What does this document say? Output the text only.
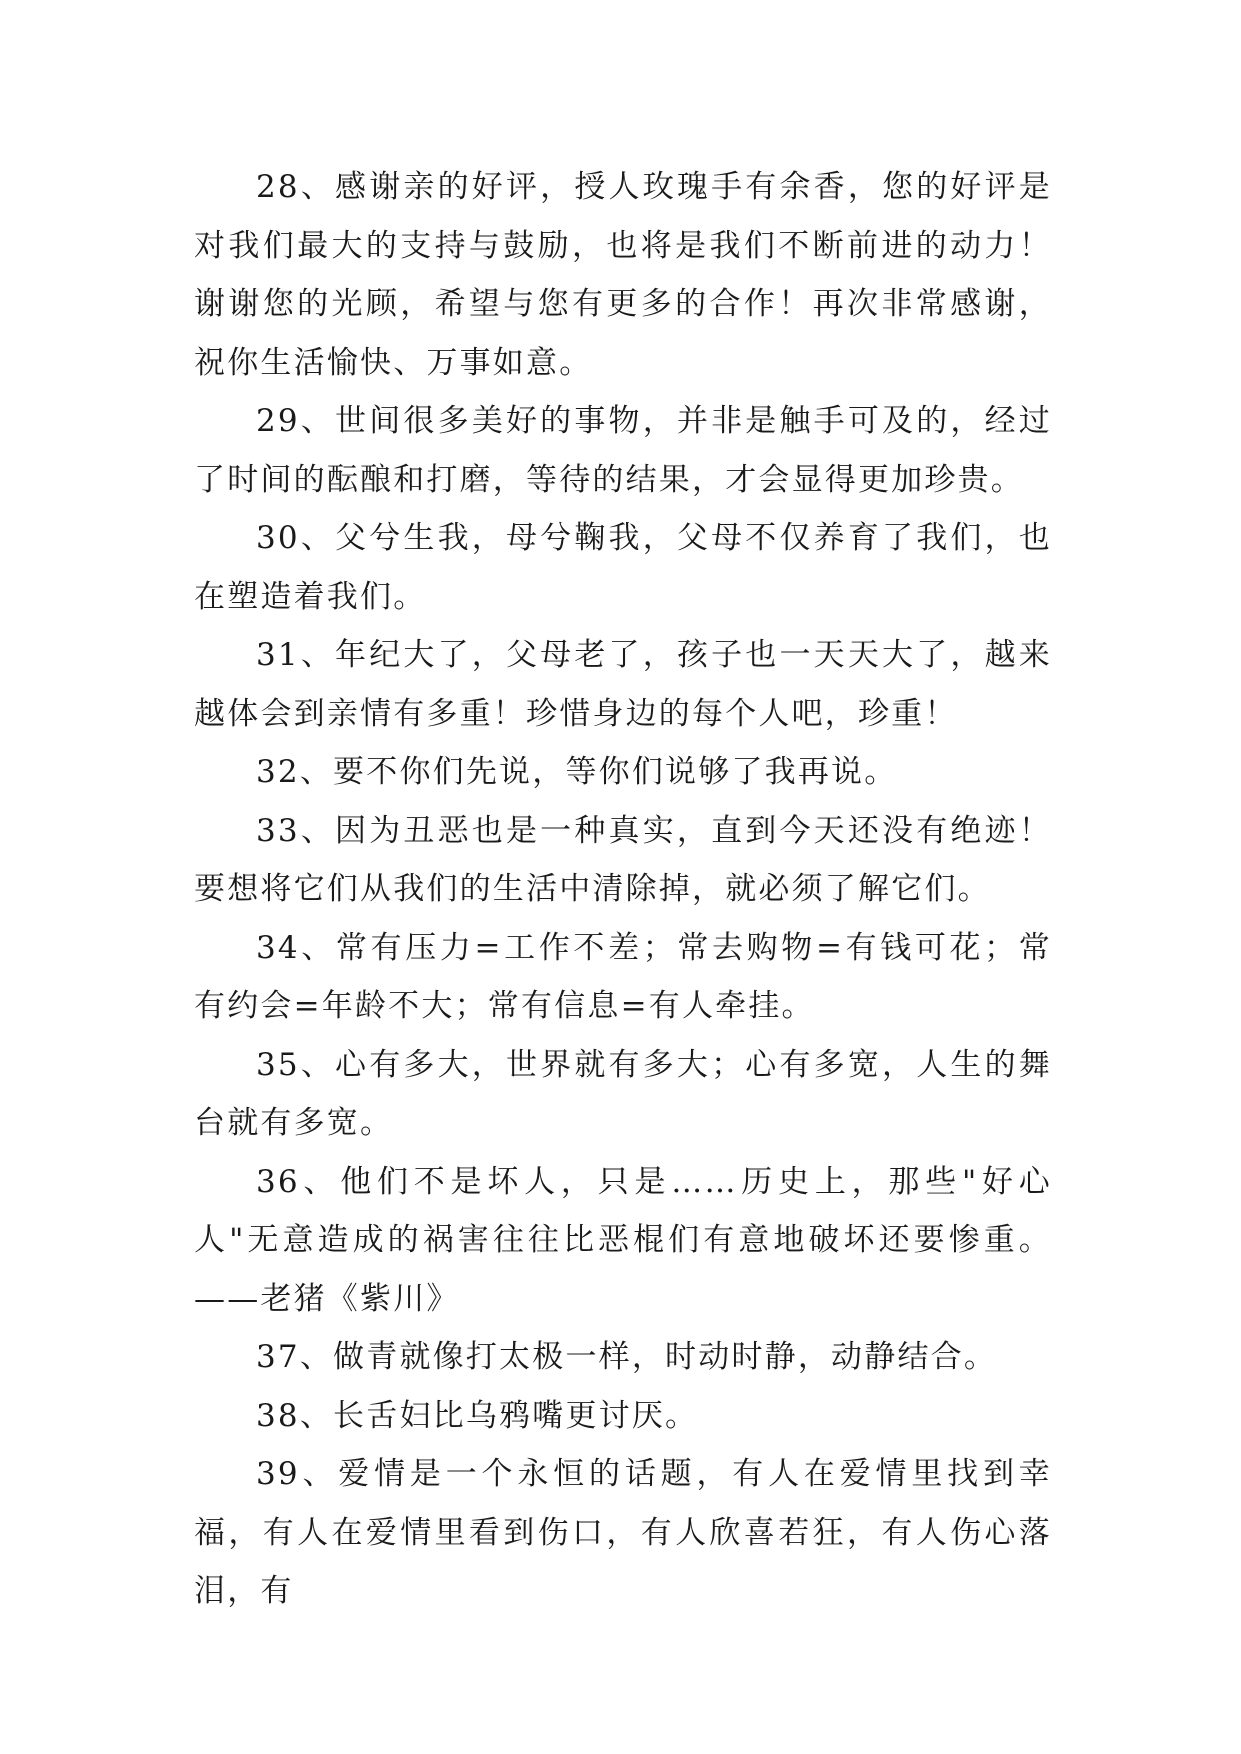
28、感谢亲的好评，授人玫瑰手有余香，您的好评是对我们最大的支持与鼓励，也将是我们不断前进的动力！ 谢谢您的光顾，希望与您有更多的合作！再次非常感谢，祝你生活愉快、万事如意。

29、世间很多美好的事物，并非是触手可及的，经过了时间的酝酿和打磨，等待的结果，才会显得更加珍贵。

30、父兮生我，母兮鞠我，父母不仅养育了我们，也在塑造着我们。

31、年纪大了，父母老了，孩子也一天天大了，越来越体会到亲情有多重！珍惜身边的每个人吧，珍重！

32、要不你们先说，等你们说够了我再说。

33、因为丑恶也是一种真实，直到今天还没有绝迹！要想将它们从我们的生活中清除掉，就必须了解它们。

34、常有压力=工作不差；常去购物=有钱可花；常有约会=年龄不大；常有信息=有人牵挂。

35、心有多大，世界就有多大；心有多宽，人生的舞台就有多宽。

36、他们不是坏人，只是……历史上，那些"好心人"无意造成的祸害往往比恶棍们有意地破坏还要惨重。——老猪《紫川》

37、做青就像打太极一样，时动时静，动静结合。

38、长舌妇比乌鸦嘴更讨厌。

39、爱情是一个永恒的话题，有人在爱情里找到幸福，有人在爱情里看到伤口，有人欣喜若狂，有人伤心落泪，有
